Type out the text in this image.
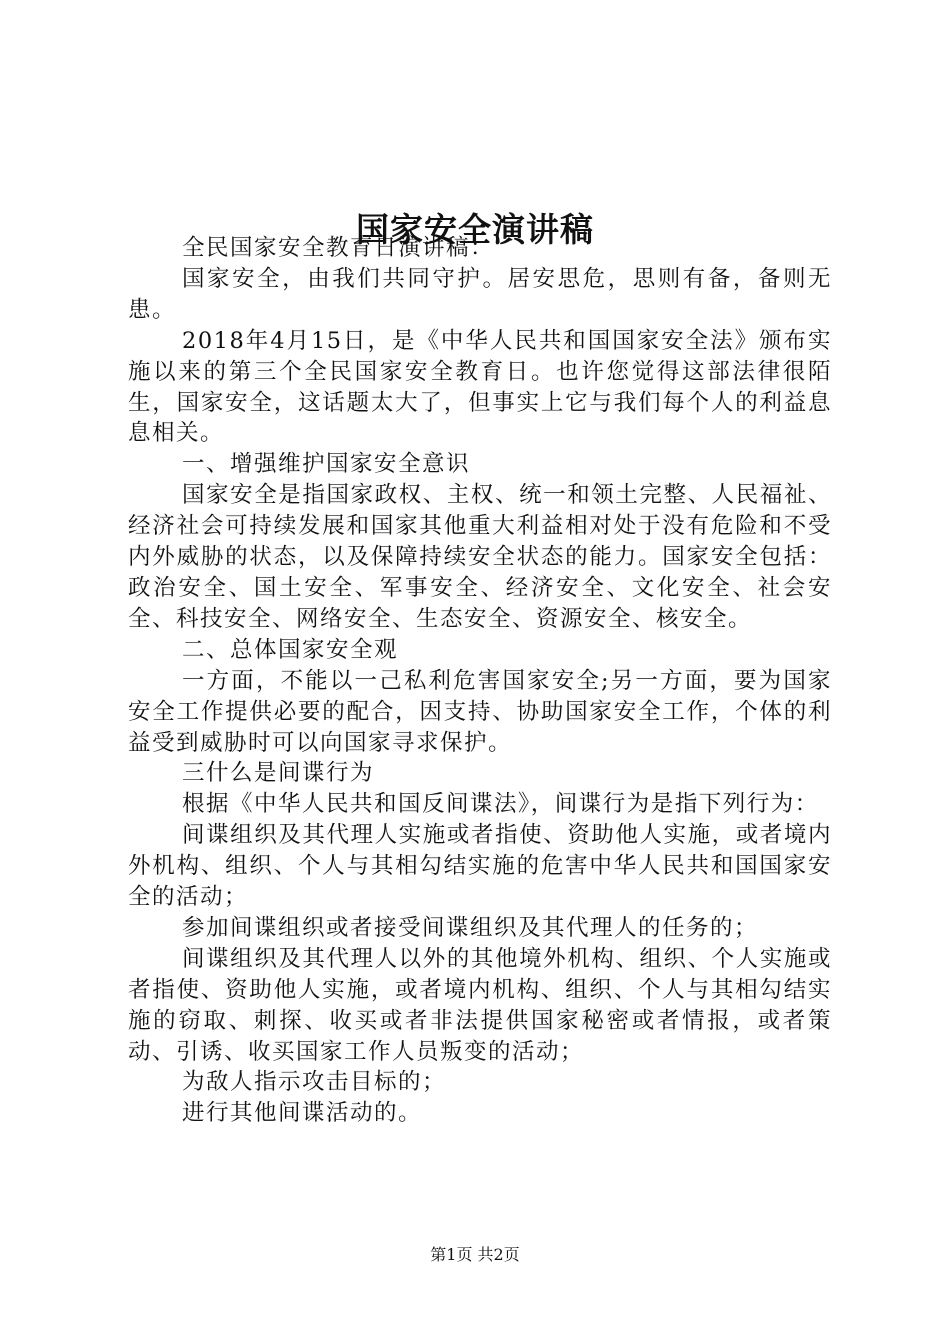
国家安全演讲稿

全民国家安全教育日演讲稿：

国家安全，由我们共同守护。居安思危，思则有备，备则无患。

2018年4月15日，是《中华人民共和国国家安全法》颁布实施以来的第三个全民国家安全教育日。也许您觉得这部法律很陌生，国家安全，这话题太大了，但事实上它与我们每个人的利益息息相关。

一、增强维护国家安全意识

国家安全是指国家政权、主权、统一和领土完整、人民福祉、经济社会可持续发展和国家其他重大利益相对处于没有危险和不受内外威胁的状态，以及保障持续安全状态的能力。国家安全包括：政治安全、国土安全、军事安全、经济安全、文化安全、社会安全、科技安全、网络安全、生态安全、资源安全、核安全。

二、总体国家安全观

一方面，不能以一己私利危害国家安全;另一方面，要为国家安全工作提供必要的配合，因支持、协助国家安全工作，个体的利益受到威胁时可以向国家寻求保护。

三什么是间谍行为

根据《中华人民共和国反间谍法》，间谍行为是指下列行为：

间谍组织及其代理人实施或者指使、资助他人实施，或者境内外机构、组织、个人与其相勾结实施的危害中华人民共和国国家安全的活动；

参加间谍组织或者接受间谍组织及其代理人的任务的；

间谍组织及其代理人以外的其他境外机构、组织、个人实施或者指使、资助他人实施，或者境内机构、组织、个人与其相勾结实施的窃取、刺探、收买或者非法提供国家秘密或者情报，或者策动、引诱、收买国家工作人员叛变的活动；

为敌人指示攻击目标的；

进行其他间谍活动的。

第1页 共2页
